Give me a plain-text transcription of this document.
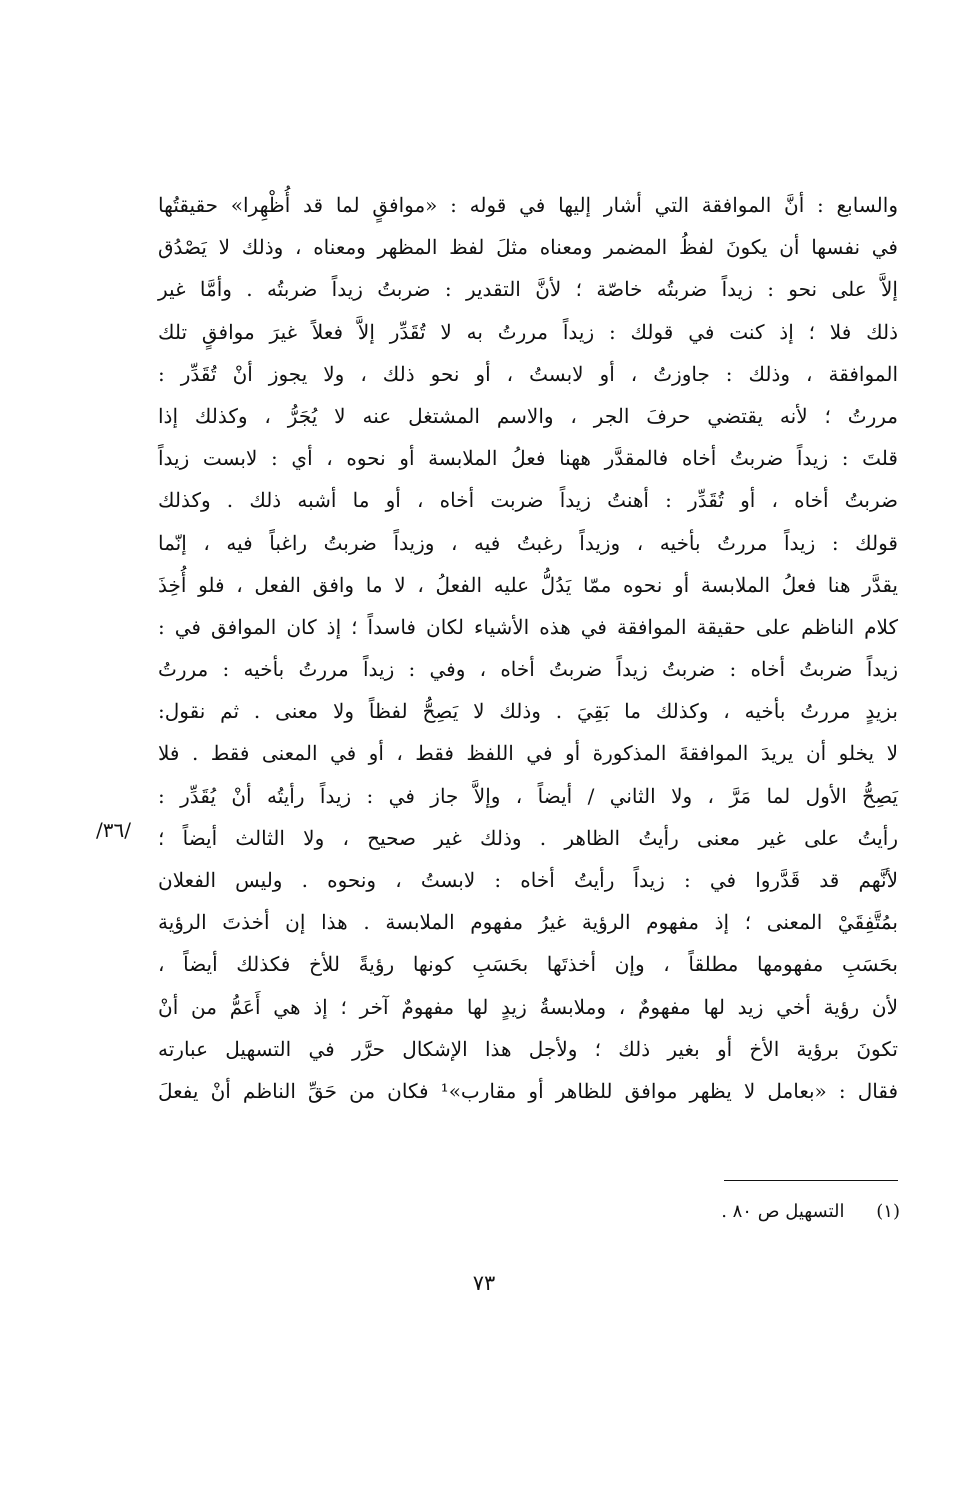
والسابع : أنَّ الموافقة التي أشار إليها في قوله : «موافقٍ لما قد أُظْهِرا» حقيقتُها
في نفسها أن يكونَ لفظُ المضمر ومعناه مثلَ لفظ المظهر ومعناه ، وذلك لا يَصْدُق
إلاَّ على نحو : زيداً ضربتُه خاصّة ؛ لأنَّ التقدير : ضربتُ زيداً ضربتُه . وأمَّا غير
ذلك فلا ؛ إذ كنت في قولك : زيداً مررتُ به لا تُقَدِّر إلاَّ فعلاً غيرَ موافقٍ تلك
الموافقة ، وذلك : جاوزتُ ، أو لابستُ ، أو نحو ذلك ، ولا يجوز أنْ تُقَدِّر :
مررتُ ؛ لأنه يقتضي حرفَ الجر ، والاسم المشتغل عنه لا يُجَرُّ ، وكذلك إذا
قلتَ : زيداً ضربتُ أخاه فالمقدَّر ههنا فعلُ الملابسة أو نحوه ، أي : لابست زيداً
ضربتُ أخاه ، أو تُقَدِّر : أهنتُ زيداً ضربت أخاه ، أو ما أشبه ذلك . وكذلك
قولك : زيداً مررتُ بأخيه ، وزيداً رغبتُ فيه ، وزيداً ضربتُ راغباً فيه ، إنّما
يقدَّر هنا فعلُ الملابسة أو نحوه ممّا يَدُلُّ عليه الفعلُ ، لا ما وافق الفعل ، فلو أُخِذَ
كلام الناظم على حقيقة الموافقة في هذه الأشياء لكان فاسداً ؛ إذ كان الموافق في :
زيداً ضربتُ أخاه : ضربتُ زيداً ضربتُ أخاه ، وفي : زيداً مررتُ بأخيه : مررتُ
بزيدٍ مررتُ بأخيه ، وكذلك ما بَقِيَ . وذلك لا يَصِحُّ لفظاً ولا معنى . ثم نقول:
لا يخلو أن يريدَ الموافقةَ المذكورة أو في اللفظ فقط ، أو في المعنى فقط . فلا
يَصِحُّ الأول لما مَرَّ ، ولا الثاني / أيضاً ، وإلاَّ جاز في : زيداً رأيتُه أنْ يُقَدِّر :
رأيتُ على غير معنى رأيتُ الظاهر . وذلك غير صحيح ، ولا الثالث أيضاً ؛
لأنَّهم قد قَدَّروا في : زيداً رأيتُ أخاه : لابستُ ، ونحوه . وليس الفعلان
بمُتَّفِقَيْ المعنى ؛ إذ مفهوم الرؤية غيرُ مفهوم الملابسة . هذا إن أخذتَ الرؤية
بحَسَبِ مفهومها مطلقاً ، وإن أخذتَها بحَسَبِ كونها رؤيةً للأخ فكذلك أيضاً ،
لأن رؤية أخي زيد لها مفهومٌ ، وملابسةُ زيدٍ لها مفهومٌ آخر ؛ إذ هي أَعَمُّ من أنْ
تكونَ برؤية الأخ أو بغير ذلك ؛ ولأجل هذا الإشكال حرَّر في التسهيل عبارته
فقال : «بعامل لا يظهر موافق للظاهر أو مقارب»¹ فكان من حَقِّ الناظم أنْ يفعلَ
/٣٦/
(١) التسهيل ص ٨٠ .
٧٣
